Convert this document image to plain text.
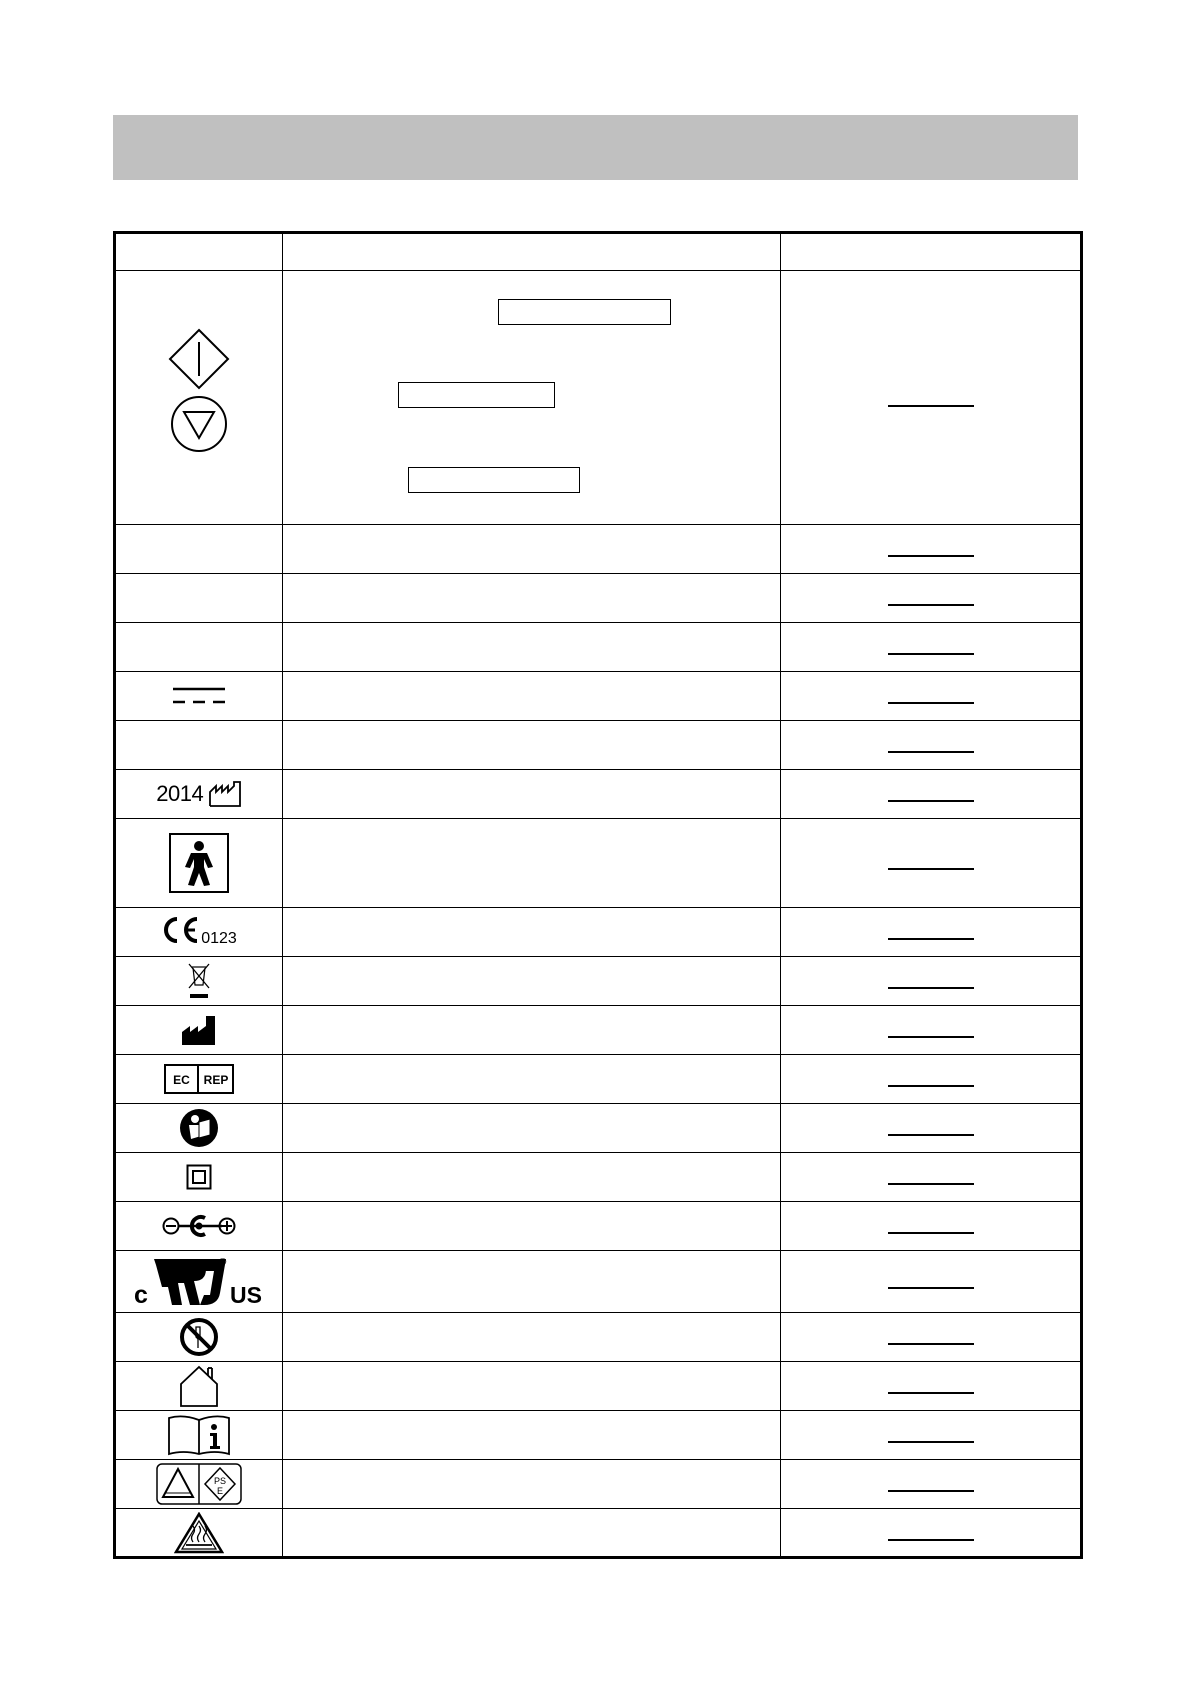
2014		

0123		

EC REP		

c US
®		

PS
E		
